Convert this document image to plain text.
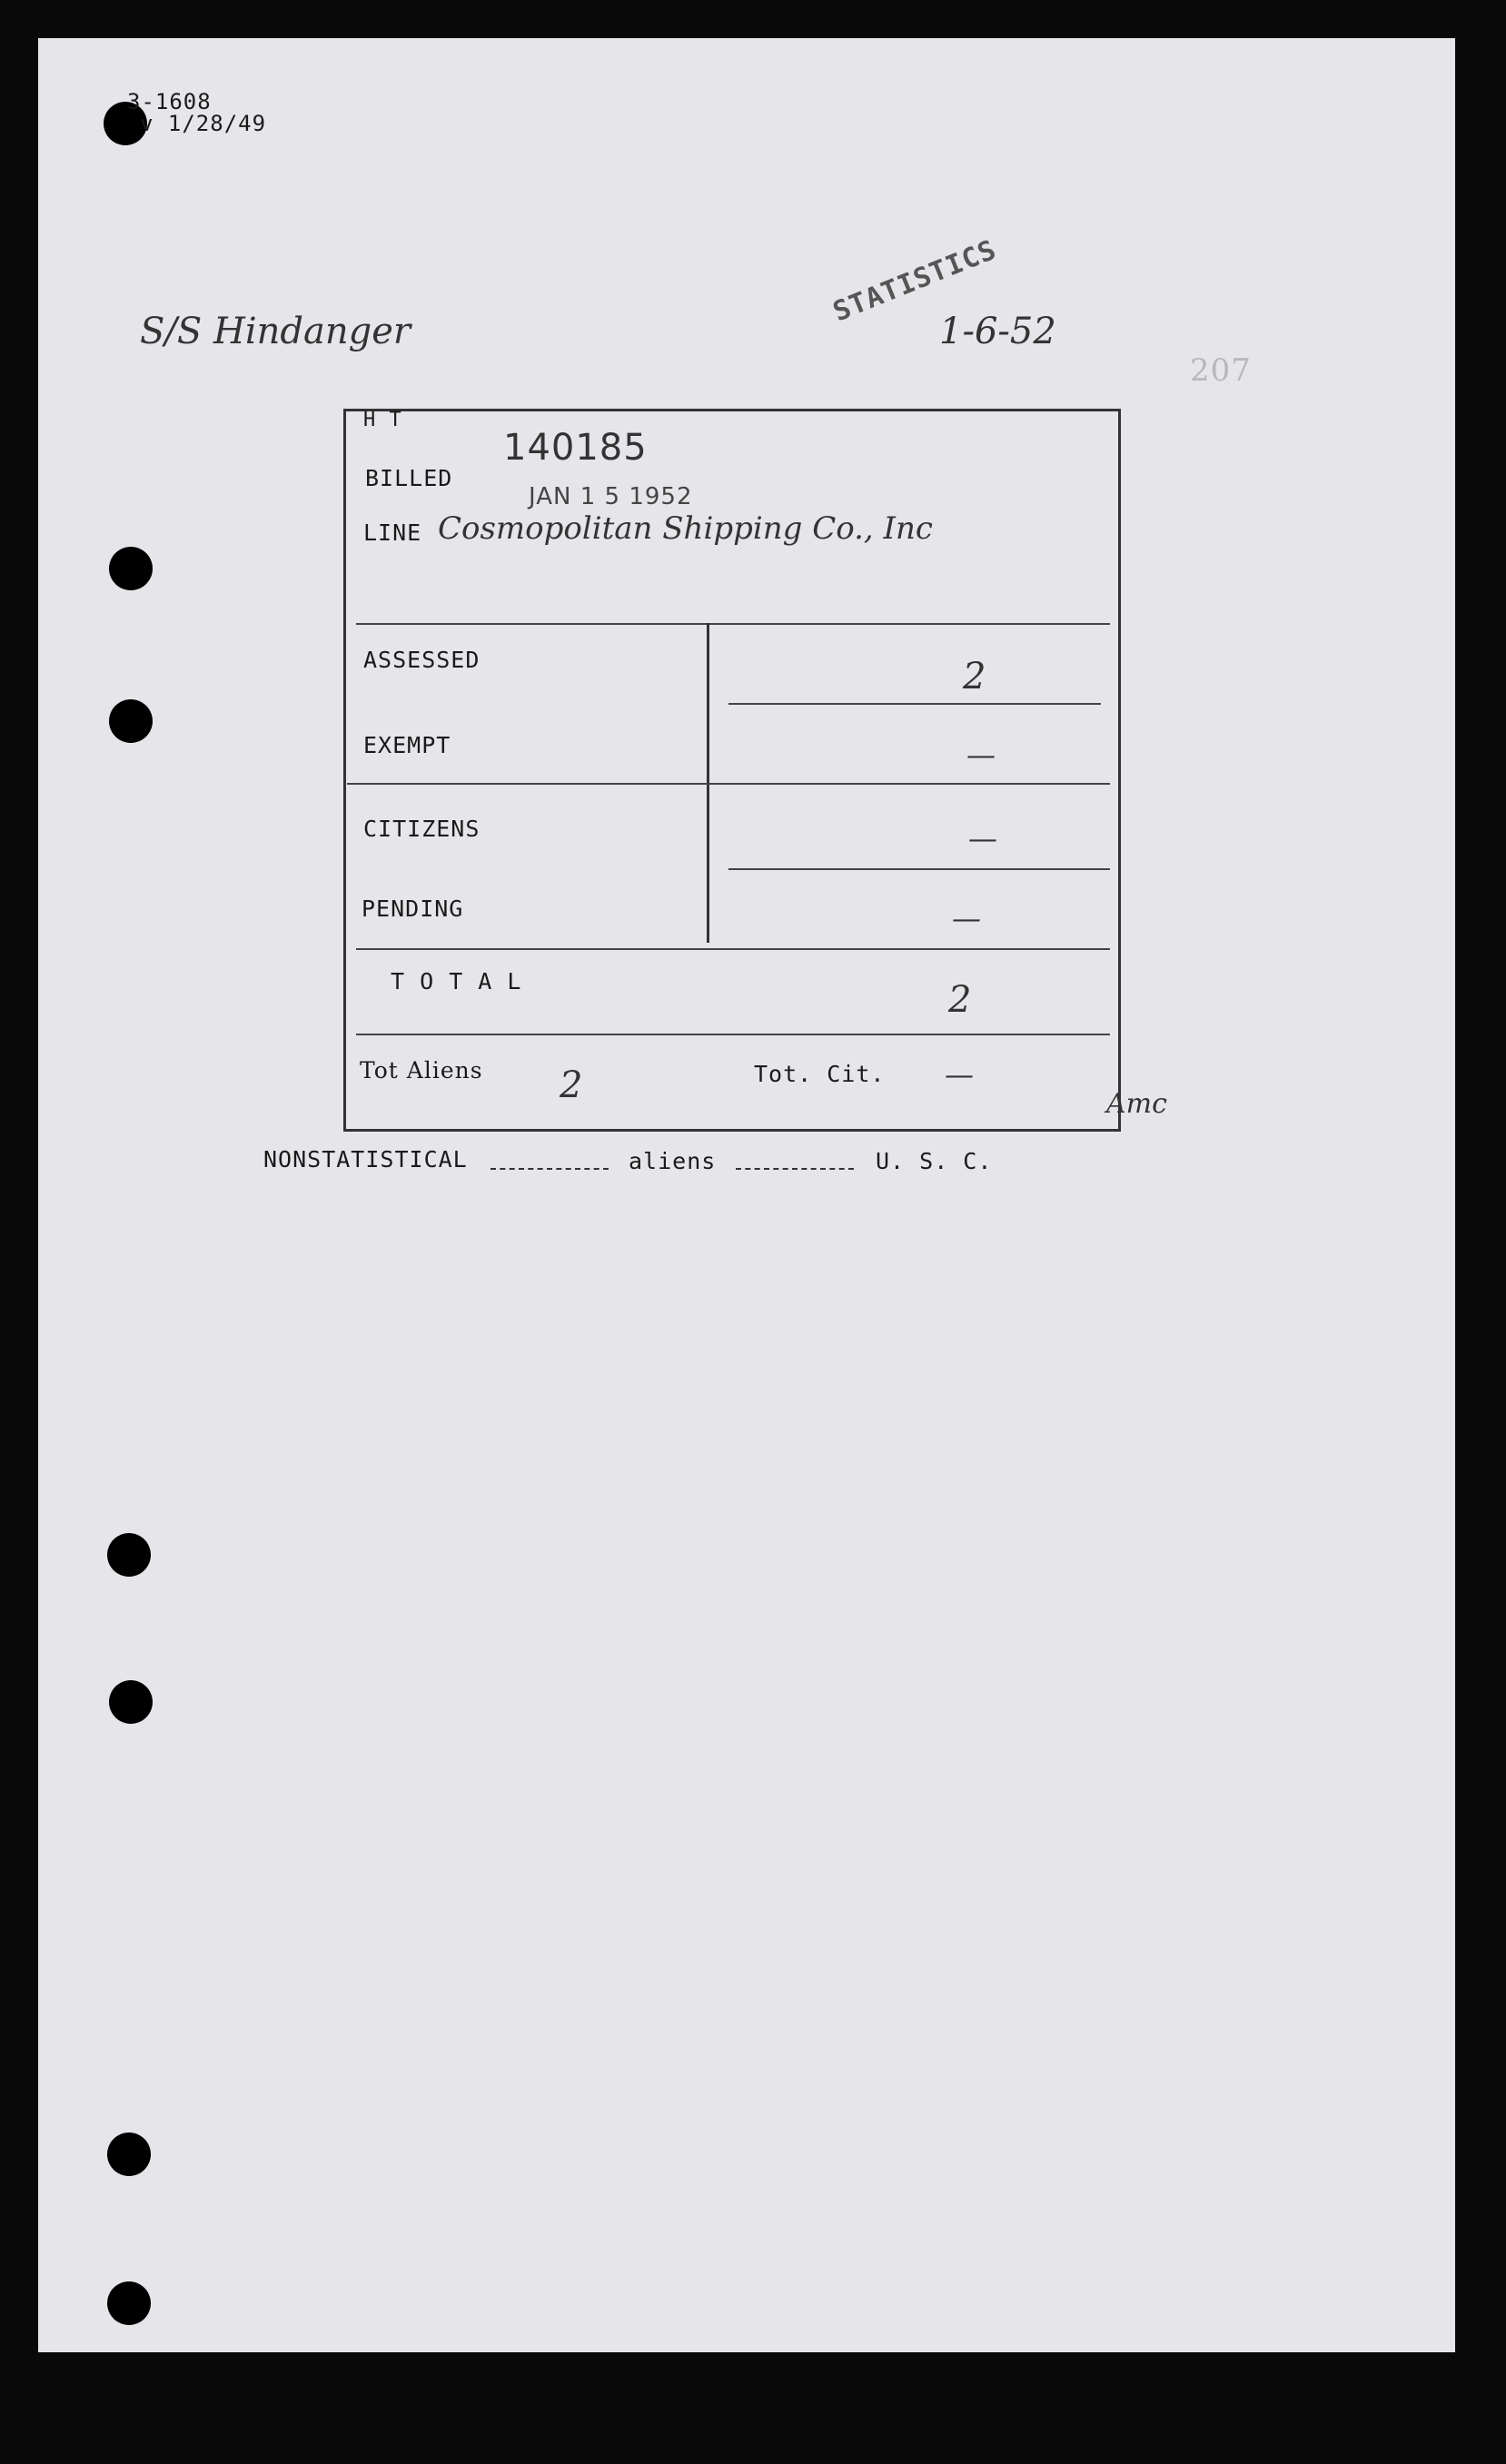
3-1608
v 1/28/49
STATISTICS
S/S Hindanger	1-6-52
207
H T
BILLED
140185
JAN 1 5 1952
LINE Cosmopolitan Shipping Co., Inc
ASSESSED	2
EXEMPT	—
CITIZENS	—
PENDING	—
T O T A L	2
Tot Aliens 2	Tot. Cit. —
Amc
NONSTATISTICAL	aliens	U. S. C.
